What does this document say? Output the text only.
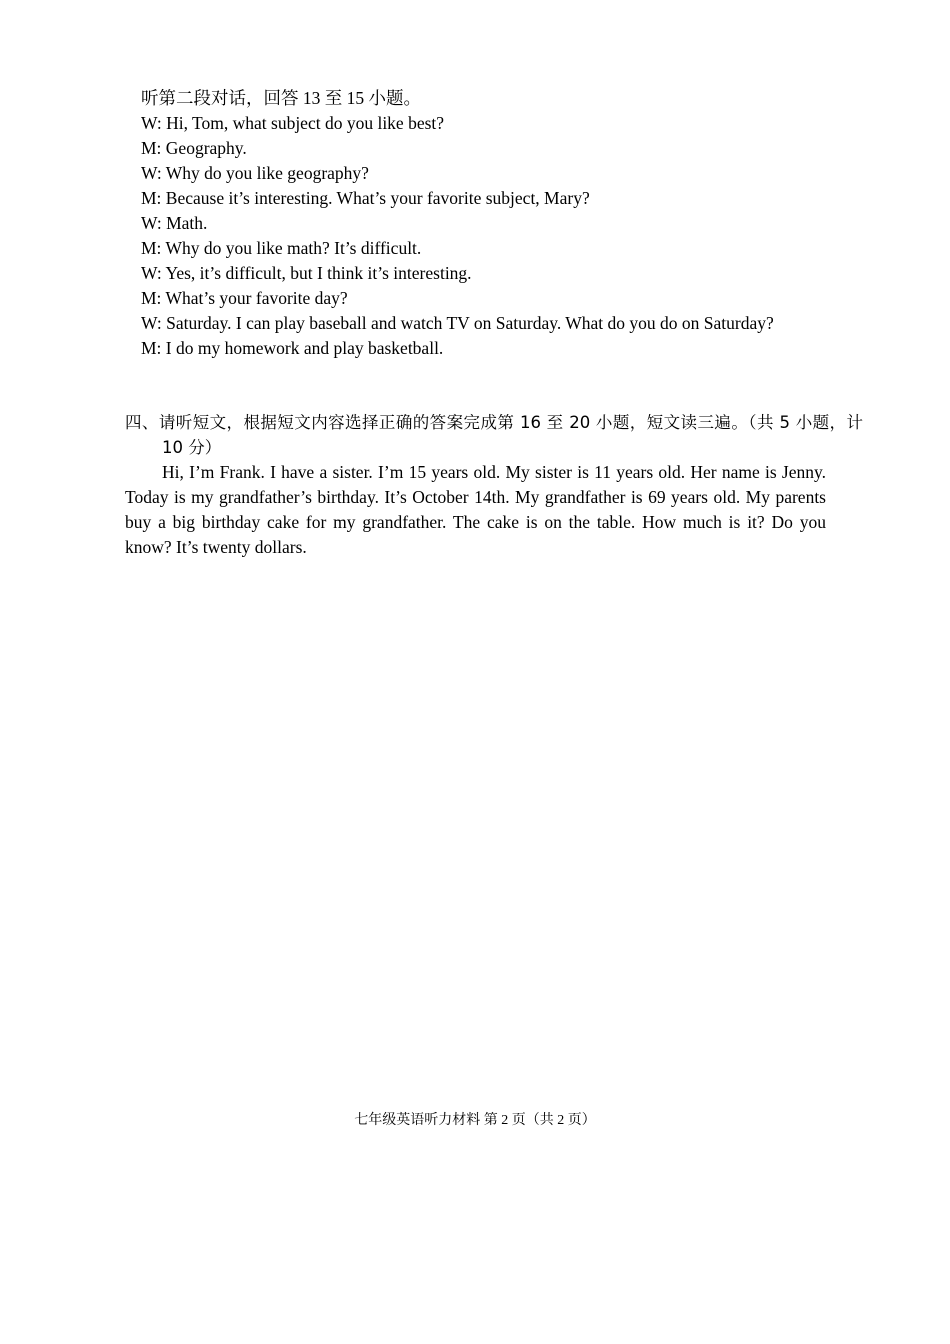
听第二段对话，回答 13 至 15 小题。

W: Hi, Tom, what subject do you like best?

M: Geography.

W: Why do you like geography?

M: Because it’s interesting. What’s your favorite subject, Mary?

W: Math.

M: Why do you like math? It’s difficult.

W: Yes, it’s difficult, but I think it’s interesting.

M: What’s your favorite day?

W: Saturday. I can play baseball and watch TV on Saturday. What do you do on Saturday?

M: I do my homework and play basketball.

四、请听短文，根据短文内容选择正确的答案完成第 16 至 20 小题，短文读三遍。（共 5 小题，计 10 分）

Hi, I’m Frank. I have a sister. I’m 15 years old. My sister is 11 years old. Her name is Jenny. Today is my grandfather’s birthday. It’s October 14th. My grandfather is 69 years old. My parents buy a big birthday cake for my grandfather. The cake is on the table. How much is it? Do you know? It’s twenty dollars.

七年级英语听力材料 第 2 页（共 2 页）
